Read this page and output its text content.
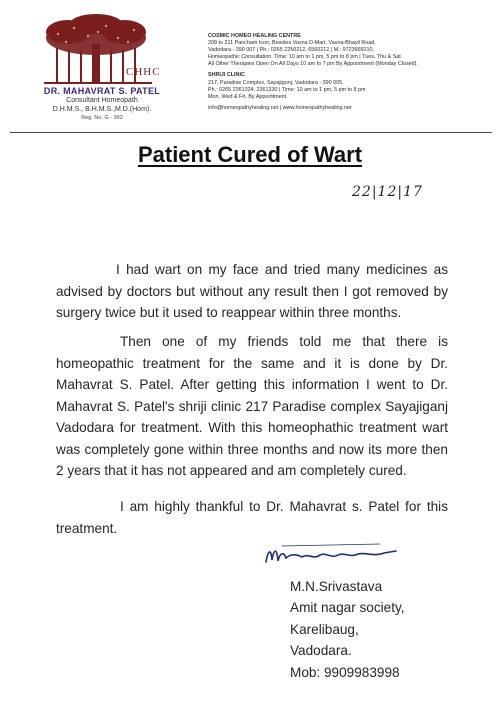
CHHC
DR. MAHAVRAT S. PATEL
Consultant Homeopath
D.H.M.S., B.H.M.S.,M.D.(Hom).
Reg. No. G - 992
COSMIC HOMEO HEALING CENTRE
208 to 211 Pancham Icon, Besides Vasna D-Mart, Vasna-Bhayli Road,
Vadodara - 390 007 | Ph.: 0265 2250212, 6560212 | M.: 9723669210,
Homeopathic Consultation. Time: 10 am to 1 pm, 5 pm to 8 pm | Tues, Thu & Sat.
All Other Therapies Open On All Days 10 am to 7 pm By Appointment (Monday Closed).
SHRIJI CLINIC
217, Paradise Complex, Sayajigunj, Vadodara - 390 005.
Ph.: 0265 2361324, 2361330 | Time: 10 am to 1 pm, 5 pm to 8 pm
Mon, Wed & Fri. By Appointment.
info@homeopathyhealing.net | www.homeopathyhealing.net
Patient Cured of Wart
22|12|17
I had wart on my face and tried many medicines as advised by doctors but without any result then I got removed by surgery twice but it used to reappear within three months.
Then one of my friends told me that there is homeopathic treatment for the same and it is done by Dr. Mahavrat S. Patel. After getting this information I went to Dr. Mahavrat S. Patel's shriji clinic 217 Paradise complex Sayajiganj Vadodara for treatment. With this homeophathic treatment wart was completely gone within three months and now its more then 2 years that it has not appeared and am completely cured.
I am highly thankful to Dr. Mahavrat s. Patel for this treatment.
M.N.Srivastava
Amit nagar society,
Karelibaug,
Vadodara.
Mob: 9909983998
